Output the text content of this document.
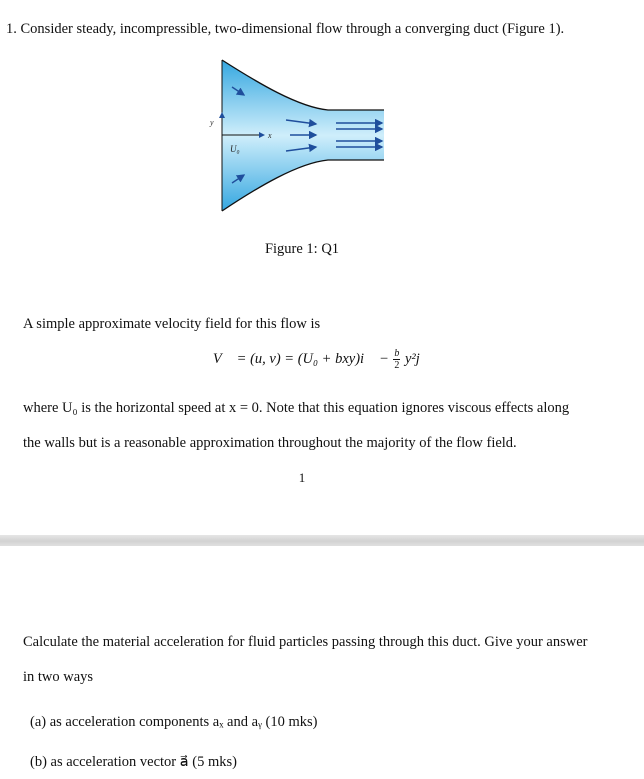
1. Consider steady, incompressible, two-dimensional flow through a converging duct (Figure 1).
y
x
U₀
Figure 1: Q1
A simple approximate velocity field for this flow is
V⃗ = (u, v) = (U₀ + bxy)i⃗ − $\frac{b}{2}$ y²j⃗
where U₀ is the horizontal speed at x = 0. Note that this equation ignores viscous effects along
the walls but is a reasonable approximation throughout the majority of the flow field.
1
Calculate the material acceleration for fluid particles passing through this duct. Give your answer
in two ways
(a) as acceleration components aₓ and aᵧ (10 mks)
(b) as acceleration vector a⃗ (5 mks)
